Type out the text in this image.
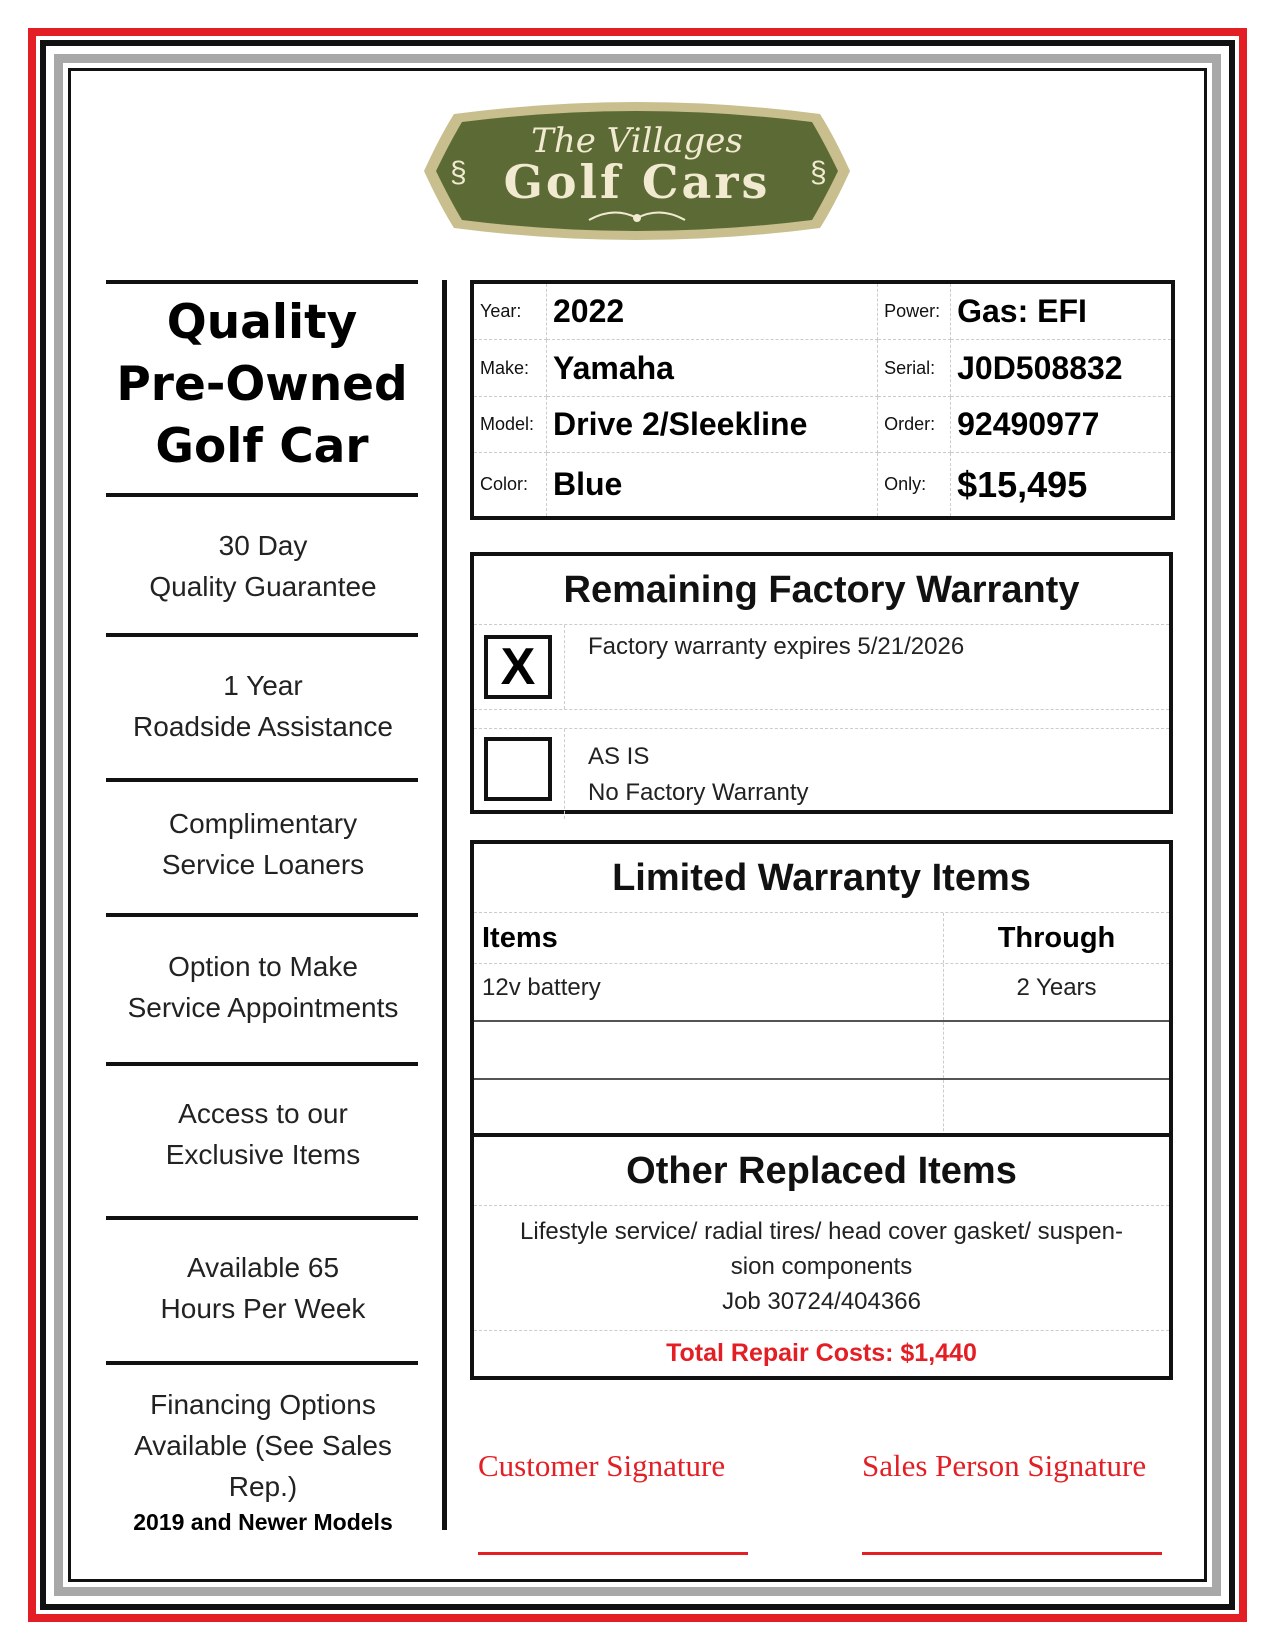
The Villages
Golf Cars
§	§
Quality
Pre-Owned
Golf Car
30 Day
Quality Guarantee
1 Year
Roadside Assistance
Complimentary
Service Loaners
Option to Make
Service Appointments
Access to our
Exclusive Items
Available 65
Hours Per Week
Financing Options
Available (See Sales Rep.)
2019 and Newer Models
Year:	2022	Power:	Gas: EFI
Make:	Yamaha	Serial:	J0D508832
Model:	Drive 2/Sleekline	Order:	92490977
Color:	Blue	Only:	$15,495
Remaining Factory Warranty
X	Factory warranty expires 5/21/2026
AS IS
No Factory Warranty
Limited Warranty Items
Items	Through
12v battery	2 Years
Other Replaced Items
Lifestyle service/ radial tires/ head cover gasket/ suspen-
sion components
Job 30724/404366
Total Repair Costs: $1,440
Customer Signature	Sales Person Signature
